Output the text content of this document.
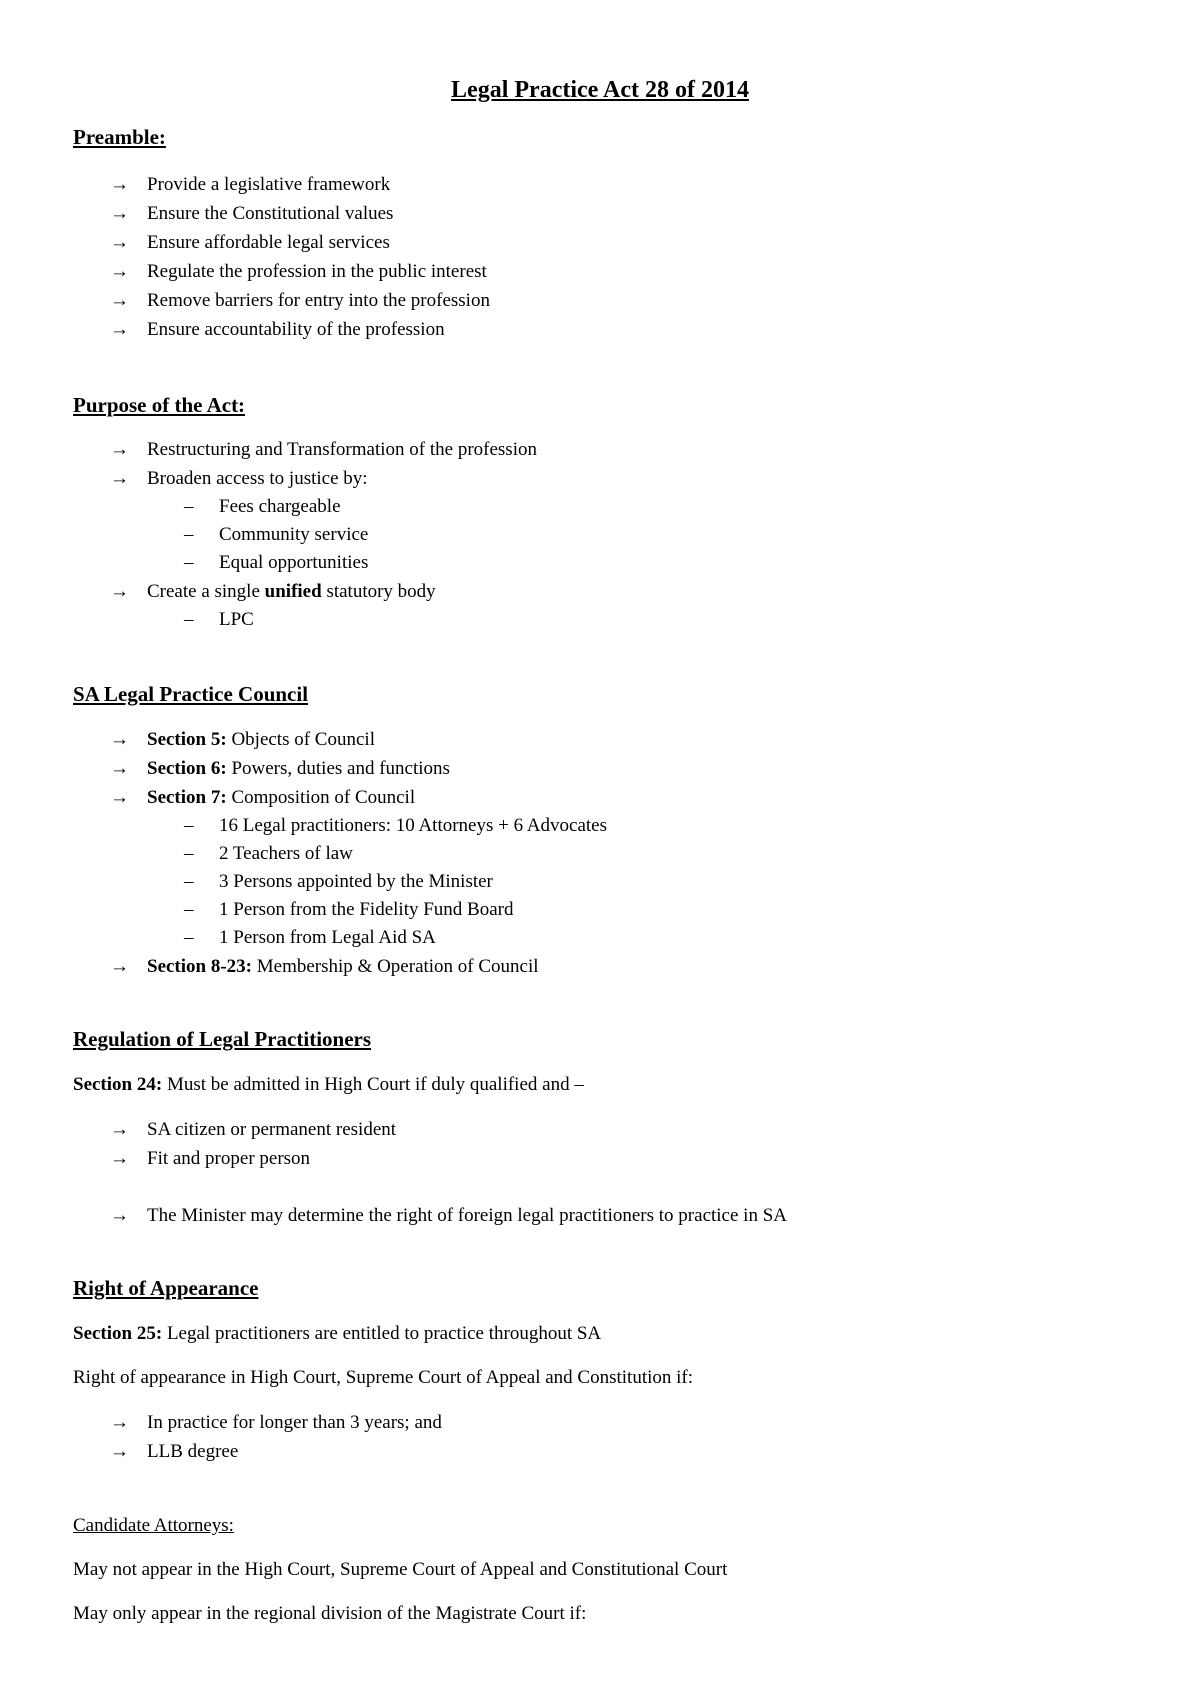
Legal Practice Act 28 of 2014
Preamble:
→ Provide a legislative framework
→ Ensure the Constitutional values
→ Ensure affordable legal services
→ Regulate the profession in the public interest
→ Remove barriers for entry into the profession
→ Ensure accountability of the profession
Purpose of the Act:
→ Restructuring and Transformation of the profession
→ Broaden access to justice by:
– Fees chargeable
– Community service
– Equal opportunities
→ Create a single unified statutory body
– LPC
SA Legal Practice Council
→ Section 5: Objects of Council
→ Section 6: Powers, duties and functions
→ Section 7: Composition of Council
– 16 Legal practitioners: 10 Attorneys + 6 Advocates
– 2 Teachers of law
– 3 Persons appointed by the Minister
– 1 Person from the Fidelity Fund Board
– 1 Person from Legal Aid SA
→ Section 8-23: Membership & Operation of Council
Regulation of Legal Practitioners
Section 24: Must be admitted in High Court if duly qualified and –
→ SA citizen or permanent resident
→ Fit and proper person
→ The Minister may determine the right of foreign legal practitioners to practice in SA
Right of Appearance
Section 25: Legal practitioners are entitled to practice throughout SA
Right of appearance in High Court, Supreme Court of Appeal and Constitution if:
→ In practice for longer than 3 years; and
→ LLB degree
Candidate Attorneys:
May not appear in the High Court, Supreme Court of Appeal and Constitutional Court
May only appear in the regional division of the Magistrate Court if:
